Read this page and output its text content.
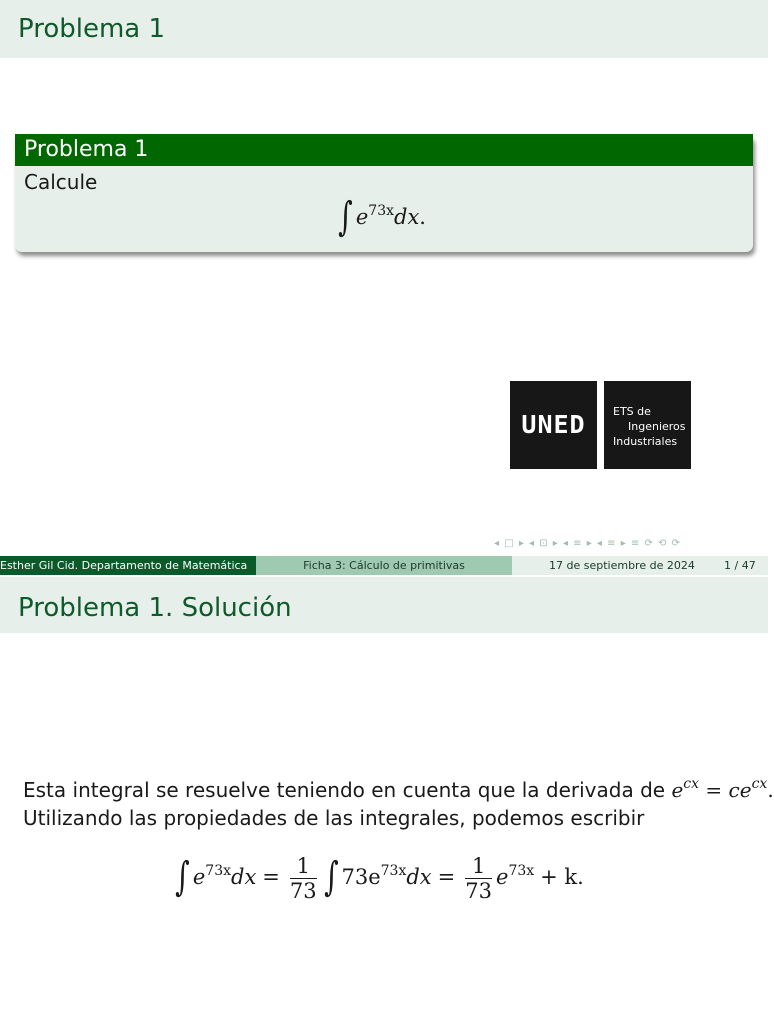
Problema 1
Problema 1
Calcule
∫ $e^{73x}dx$.
UNED	ETS de
Ingenieros
Industriales
◂ □ ▸ ◂ ⊡ ▸ ◂ ≡ ▸ ◂ ≡ ▸ ≡ ⟳ ⟲ ⟳
Esther Gil Cid. Departamento de Matemática	Ficha 3: Cálculo de primitivas	17 de septiembre de 2024	1 / 47
Problema 1. Solución
Esta integral se resuelve teniendo en cuenta que la derivada de $e^{cx} = ce^{cx}$.
Utilizando las propiedades de las integrales, podemos escribir
∫ $e^{73x}dx = \frac{1}{73}$ ∫ $73e^{73x}dx = \frac{1}{73} e^{73x} + k$.
